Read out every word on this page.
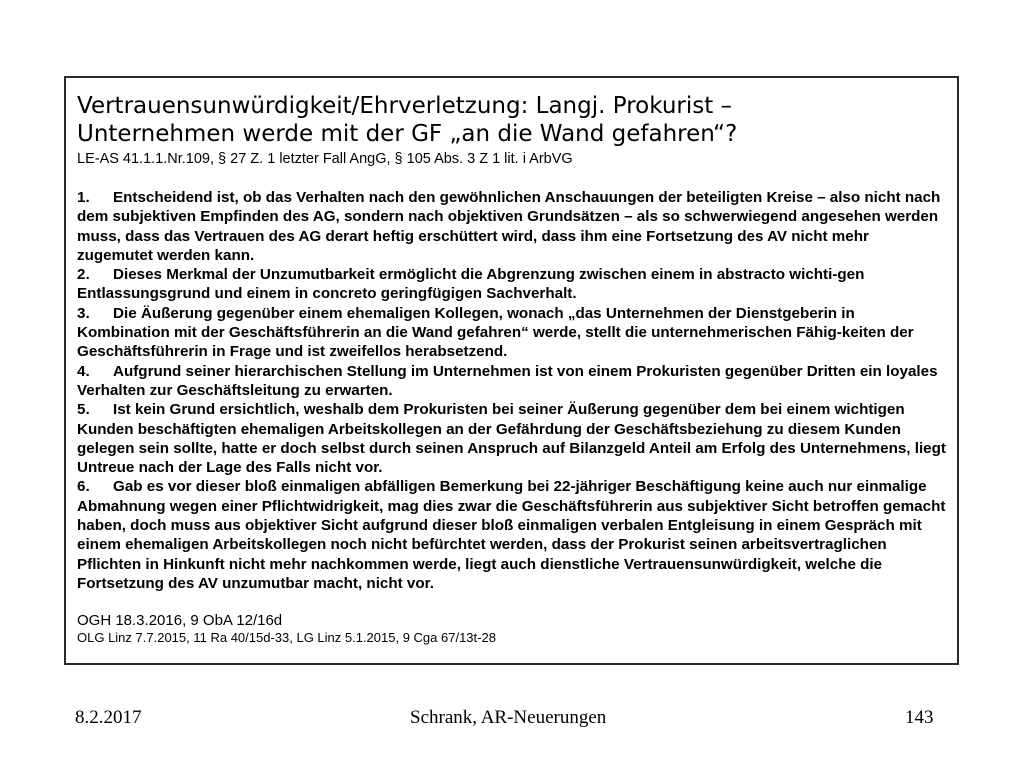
Vertrauensunwürdigkeit/Ehrverletzung: Langj. Prokurist –
Unternehmen werde mit der GF „an die Wand gefahren“?
LE-AS 41.1.1.Nr.109, § 27 Z. 1 letzter Fall AngG, § 105 Abs. 3 Z 1 lit. i ArbVG

1. Entscheidend ist, ob das Verhalten nach den gewöhnlichen Anschauungen der beteiligten Kreise – also nicht nach dem subjektiven Empfinden des AG, sondern nach objektiven Grundsätzen – als so schwerwiegend angesehen werden muss, dass das Vertrauen des AG derart heftig erschüttert wird, dass ihm eine Fortsetzung des AV nicht mehr zugemutet werden kann.

2. Dieses Merkmal der Unzumutbarkeit ermöglicht die Abgrenzung zwischen einem in abstracto wichti-gen Entlassungsgrund und einem in concreto geringfügigen Sachverhalt.

3. Die Äußerung gegenüber einem ehemaligen Kollegen, wonach „das Unternehmen der Dienstgeberin in Kombination mit der Geschäftsführerin an die Wand gefahren“ werde, stellt die unternehmerischen Fähig-keiten der Geschäftsführerin in Frage und ist zweifellos herabsetzend.

4. Aufgrund seiner hierarchischen Stellung im Unternehmen ist von einem Prokuristen gegenüber Dritten ein loyales Verhalten zur Geschäftsleitung zu erwarten.

5. Ist kein Grund ersichtlich, weshalb dem Prokuristen bei seiner Äußerung gegenüber dem bei einem wichtigen Kunden beschäftigten ehemaligen Arbeitskollegen an der Gefährdung der Geschäftsbeziehung zu diesem Kunden gelegen sein sollte, hatte er doch selbst durch seinen Anspruch auf Bilanzgeld Anteil am Erfolg des Unternehmens, liegt Untreue nach der Lage des Falls nicht vor.

6. Gab es vor dieser bloß einmaligen abfälligen Bemerkung bei 22-jähriger Beschäftigung keine auch nur einmalige Abmahnung wegen einer Pflichtwidrigkeit, mag dies zwar die Geschäftsführerin aus subjektiver Sicht betroffen gemacht haben, doch muss aus objektiver Sicht aufgrund dieser bloß einmaligen verbalen Entgleisung in einem Gespräch mit einem ehemaligen Arbeitskollegen noch nicht befürchtet werden, dass der Prokurist seinen arbeitsvertraglichen Pflichten in Hinkunft nicht mehr nachkommen werde, liegt auch dienstliche Vertrauensunwürdigkeit, welche die Fortsetzung des AV unzumutbar macht, nicht vor.

OGH 18.3.2016, 9 ObA 12/16d
OLG Linz 7.7.2015, 11 Ra 40/15d-33, LG Linz 5.1.2015, 9 Cga 67/13t-28
8.2.2017	Schrank, AR-Neuerungen	143
